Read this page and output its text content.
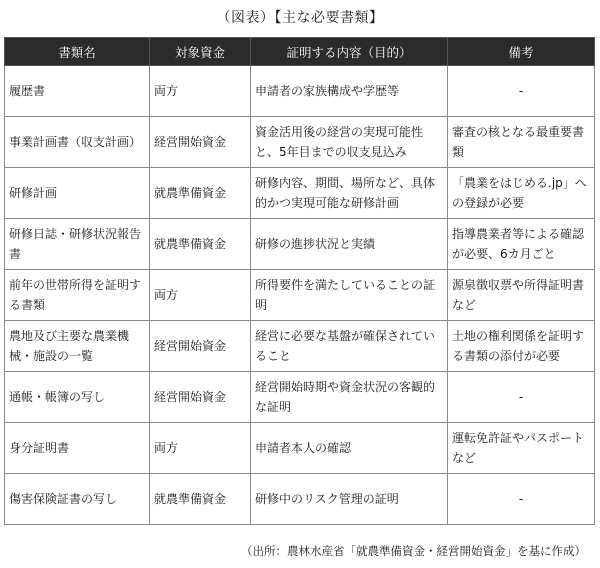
（図表）【主な必要書類】
書類名	対象資金	証明する内容（目的）	備考
履歴書	両方	申請者の家族構成や学歴等	-
事業計画書（収支計画）	経営開始資金	資金活用後の経営の実現可能性と、5年目までの収支見込み	審査の核となる最重要書類
研修計画	就農準備資金	研修内容、期間、場所など、具体的かつ実現可能な研修計画	「農業をはじめる.jp」への登録が必要
研修日誌・研修状況報告書	就農準備資金	研修の進捗状況と実績	指導農業者等による確認が必要、6カ月ごと
前年の世帯所得を証明する書類	両方	所得要件を満たしていることの証明	源泉徴収票や所得証明書など
農地及び主要な農業機械・施設の一覧	経営開始資金	経営に必要な基盤が確保されていること	土地の権利関係を証明する書類の添付が必要
通帳・帳簿の写し	経営開始資金	経営開始時期や資金状況の客観的な証明	-
身分証明書	両方	申請者本人の確認	運転免許証やパスポートなど
傷害保険証書の写し	就農準備資金	研修中のリスク管理の証明	-
（出所：農林水産省「就農準備資金・経営開始資金」を基に作成）
